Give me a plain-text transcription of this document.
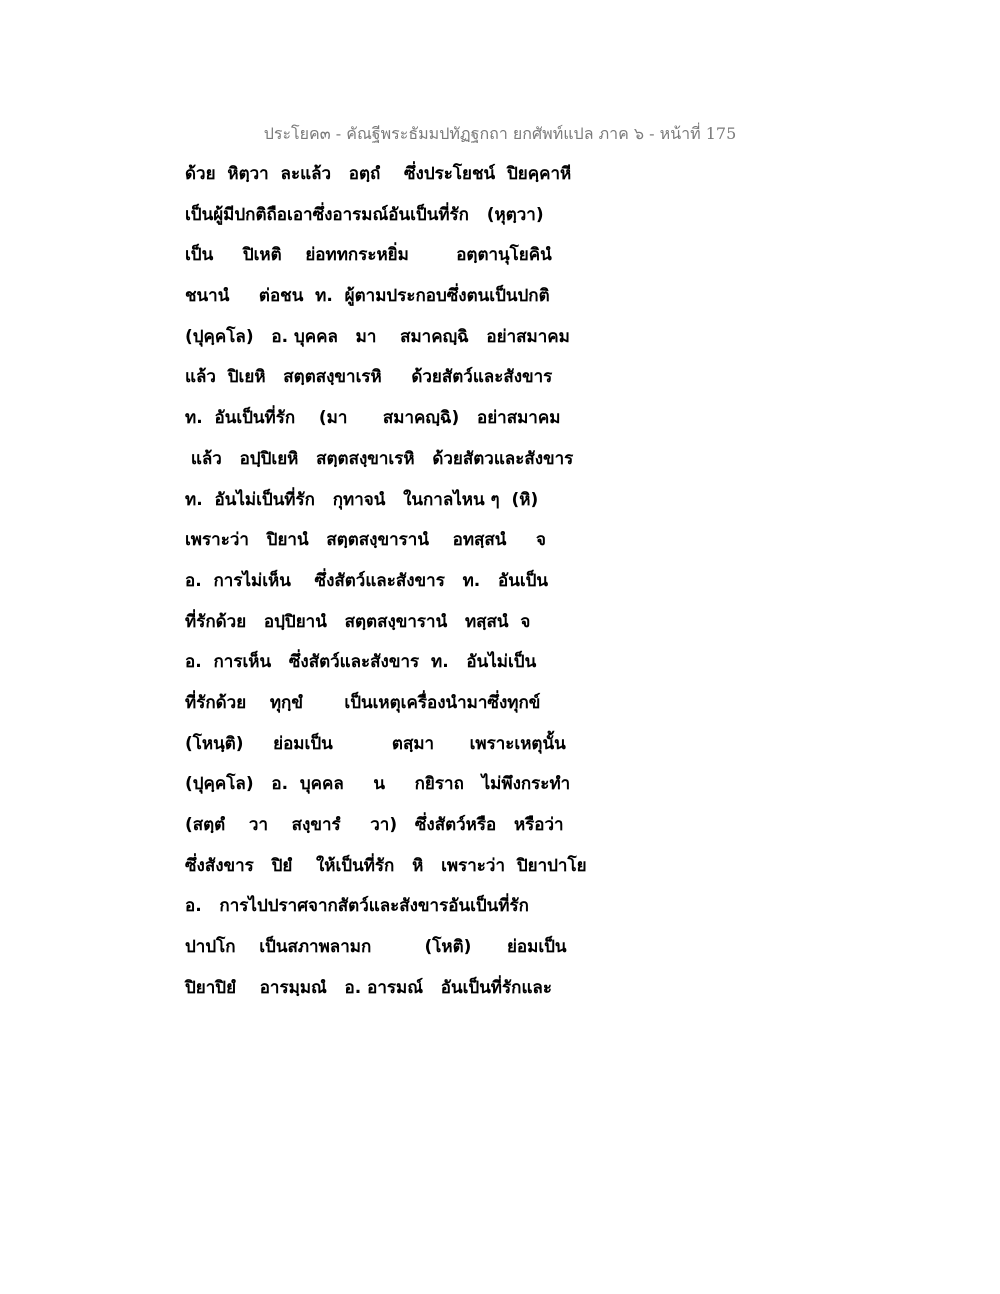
ประโยค๓ - คัณฐีพระธัมมปทัฏฐกถา ยกศัพท์แปล ภาค ๖ - หน้าที่ 175
ด้วย  หิตฺวา  ละแล้ว   อตฺถํ    ซึ่งประโยชน์  ปิยคฺคาหี
เป็นผู้มีปกติถือเอาซึ่งอารมณ์อันเป็นที่รัก   (หุตฺวา)
เป็น     ปิเหติ    ย่อททกระหยิ่ม        อตฺตานุโยคินํ
ชนานํ     ต่อชน  ท.  ผู้ตามประกอบซึ่งตนเป็นปกติ
(ปุคฺคโล)   อ. บุคคล   มา    สมาคญฺฉิ   อย่าสมาคม
แล้ว  ปิเยหิ   สตฺตสงฺขาเรหิ     ด้วยสัตว์และสังขาร
ท.  อันเป็นที่รัก    (มา      สมาคญฺฉิ)   อย่าสมาคม
แล้ว   อปฺปิเยหิ   สตฺตสงฺขาเรหิ   ด้วยสัตวและสังขาร
ท.  อันไม่เป็นที่รัก   กุทาจนํ   ในกาลไหน ๆ  (หิ)
เพราะว่า   ปิยานํ   สตฺตสงฺขารานํ    อทสฺสนํ     จ
อ.  การไม่เห็น    ซึ่งสัตว์และสังขาร   ท.   อันเป็น
ที่รักด้วย   อปฺปิยานํ   สตฺตสงฺขารานํ   ทสฺสนํ  จ
อ.  การเห็น   ซึ่งสัตว์และสังขาร  ท.   อันไม่เป็น
ที่รักด้วย    ทุกฺขํ       เป็นเหตุเครื่องนำมาซึ่งทุกข์
(โหนฺติ)     ย่อมเป็น          ตสฺมา      เพราะเหตุนั้น
(ปุคฺคโล)   อ.  บุคคล     น     กยิราถ   ไม่พึงกระทำ
(สตฺตํ    วา    สงฺขารํ     วา)   ซึ่งสัตว์หรือ   หรือว่า
ซึ่งสังขาร   ปิยํ    ให้เป็นที่รัก   หิ   เพราะว่า  ปิยาปาโย
อ.   การไปปราศจากสัตว์และสังขารอันเป็นที่รัก
ปาปโก    เป็นสภาพลามก         (โหติ)      ย่อมเป็น
ปิยาปิยํ    อารมฺมณํ   อ. อารมณ์   อันเป็นที่รักและ
